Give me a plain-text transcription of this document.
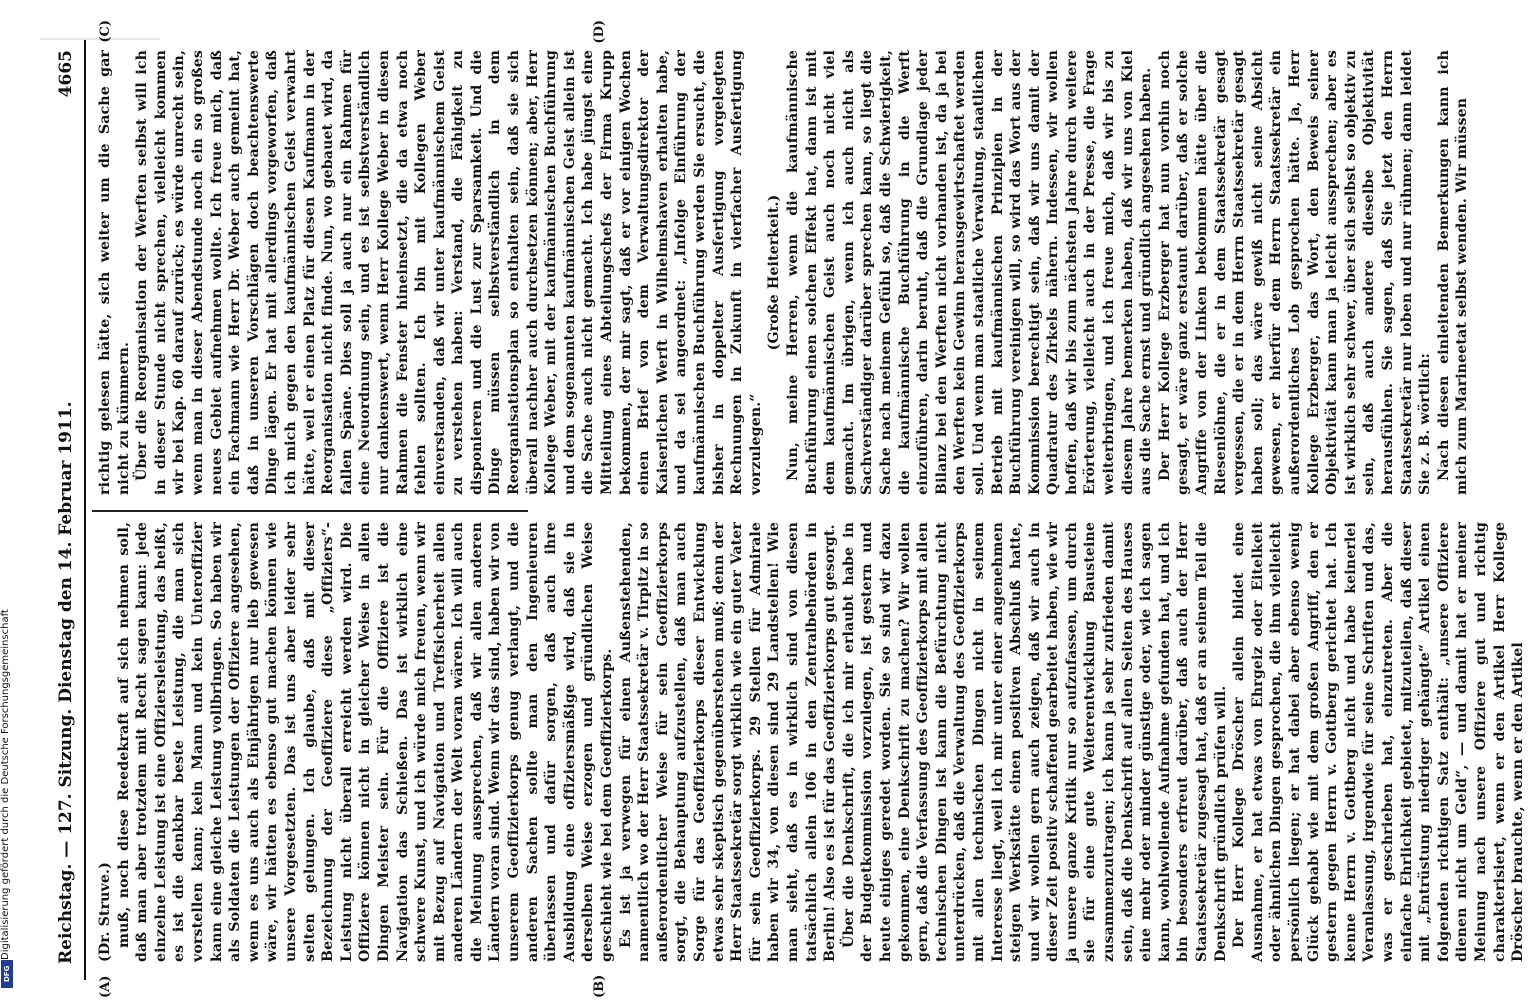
Digitalisierung gefördert durch die Deutsche Forschungsgemeinschaft
DFG
Reichstag. — 127. Sitzung. Dienstag den 14. Februar 1911.
4665
(A)	(B)
(C)	(D)

(Dr. Struve.) muß, noch diese Reedekraft auf sich nehmen soll, daß man aber trotzdem mit Recht sagen kann: jede einzelne Leistung ist eine Offiziersleistung, das heißt, es ist die denkbar beste Leistung, die man sich vorstellen kann; kein Mann und kein Unteroffizier kann eine gleiche Leistung vollbringen. So haben wir als Soldaten die Leistungen der Offiziere angesehen, wenn es uns auch als Einjährigen nur lieb gewesen wäre, wir hätten es ebenso gut machen können wie unsere Vorgesetzten. Das ist uns aber leider sehr selten gelungen. Ich glaube, daß mit dieser Bezeichnung der Geoffiziere diese „Offiziers“-Leistung nicht überall erreicht werden wird. Die Offiziere können nicht in gleicher Weise in allen Dingen Meister sein. Für die Offiziere ist die Navigation das Schießen. Das ist wirklich eine schwere Kunst, und ich würde mich freuen, wenn wir mit Bezug auf Navigation und Treffsicherheit allen anderen Ländern der Welt voran wären. Ich will auch die Meinung aussprechen, daß wir allen anderen Ländern voran sind. Wenn wir das sind, haben wir von unserem Geoffizierkorps genug verlangt, und die anderen Sachen sollte man den Ingenieuren überlassen und dafür sorgen, daß auch ihre Ausbildung eine offiziersmäßige wird, daß sie in derselben Weise erzogen und gründlichen Weise geschieht wie bei dem Geoffizierkorps. Es ist ja verwegen für einen Außenstehenden, namentlich wo der Herr Staatssekretär v. Tirpitz in so außerordentlicher Weise für sein Geoffizierkorps sorgt, die Behauptung aufzustellen, daß man auch Sorge für das Geoffizierkorps dieser Entwicklung etwas sehr skeptisch gegenüberstehen muß; denn der Herr Staatssekretär sorgt wirklich wie ein guter Vater für sein Geoffizierkorps. 29 Stellen für Admirale haben wir 34, von diesen sind 29 Landstellen! Wie man sieht, daß es in wirklich sind von diesen tatsächlich allein 106 in den Zentralbehörden in Berlin! Also es ist für das Geoffizierkorps gut gesorgt. Über die Denkschrift, die ich mir erlaubt habe in der Budgetkommission vorzulegen, ist gestern und heute einiges geredet worden. Sie so sind wir dazu gekommen, eine Denkschrift zu machen? Wir wollen gern, daß die Verfassung des Geoffizierkorps mit allen technischen Dingen ist kann die Befürchtung nicht unterdrücken, daß die Verwaltung des Geoffizierkorps mit allen technischen Dingen nicht in seinem Interesse liegt, weil ich mir unter einer angenehmen steigen Werkstätte einen positiven Abschluß hatte, und wir wollen gern auch zeigen, daß wir auch in dieser Zeit positiv schaffend gearbeitet haben, wie wir ja unsere ganze Kritik nur so aufzufassen, um durch sie für eine gute Weiterentwicklung Bausteine zusammenzutragen; ich kann ja sehr zufrieden damit sein, daß die Denkschrift auf allen Seiten des Hauses eine mehr oder minder günstige oder, wie ich sagen kann, wohlwollende Aufnahme gefunden hat, und ich bin besonders erfreut darüber, daß auch der Herr Staatssekretär zugesagt hat, daß er an seinem Teil die Denkschrift gründlich prüfen will. Der Herr Kollege Dröscher allein bildet eine Ausnahme, er hat etwas von Ehrgeiz oder Eitelkeit oder ähnlichen Dingen gesprochen, die ihm vielleicht persönlich liegen; er hat dabei aber ebenso wenig Glück gehabt wie mit dem großen Angriff, den er gestern gegen Herrn v. Gottberg gerichtet hat. Ich kenne Herrn v. Gottberg nicht und habe keinerlei Veranlassung, irgendwie für seine Schriften und das, was er geschrieben hat, einzutreten. Aber die einfache Ehrlichkeit gebietet, mitzuteilen, daß dieser mit „Entrüstung niedriger gehängte“ Artikel einen folgenden richtigen Satz enthält: „unsere Offiziere dienen nicht um Geld“, — und damit hat er meiner Meinung nach unsere Offiziere gut und richtig charakterisiert, wenn er den Artikel Herr Kollege Dröscher brauchte, wenn er den Artikel

richtig gelesen hätte, sich weiter um die Sache gar nicht zu kümmern. Über die Reorganisation der Werften selbst will ich in dieser Stunde nicht sprechen, vielleicht kommen wir bei Kap. 60 darauf zurück; es würde unrecht sein, wenn man in dieser Abendstunde noch ein so großes neues Gebiet aufnehmen wollte. Ich freue mich, daß ein Fachmann wie Herr Dr. Weber auch gemeint hat, daß in unseren Vorschlägen doch beachtenswerte Dinge lägen. Er hat mit allerdings vorgeworfen, daß ich mich gegen den kaufmännischen Geist verwahrt hätte, weil er einen Platz für diesen Kaufmann in der Reorganisation nicht finde. Nun, wo gebauet wird, da fallen Späne. Dies soll ja auch nur ein Rahmen für eine Neuordnung sein, und es ist selbstverständlich nur dankenswert, wenn Herr Kollege Weber in diesen Rahmen die Fenster hineinsetzt, die da etwa noch fehlen sollten. Ich bin mit Kollegen Weber einverstanden, daß wir unter kaufmännischem Geist zu verstehen haben: Verstand, die Fähigkeit zu disponieren und die Lust zur Sparsamkeit. Und die Dinge müssen selbstverständlich in dem Reorganisationsplan so enthalten sein, daß sie sich überall nachher auch durchsetzen können; aber, Herr Kollege Weber, mit der kaufmännischen Buchführung und dem sogenannten kaufmännischen Geist allein ist die Sache auch nicht gemacht. Ich habe jüngst eine Mitteilung eines Abteilungschefs der Firma Krupp bekommen, der mir sagt, daß er vor einigen Wochen einen Brief von dem Verwaltungsdirektor der Kaiserlichen Werft in Wilhelmshaven erhalten habe, und da sei angeordnet: „Infolge Einführung der kaufmännischen Buchführung werden Sie ersucht, die bisher in doppelter Ausfertigung vorgelegten Rechnungen in Zukunft in vierfacher Ausfertigung vorzulegen.“

(Große Heiterkeit.) Nun, meine Herren, wenn die kaufmännische Buchführung einen solchen Effekt hat, dann ist mit dem kaufmännischen Geist auch noch nicht viel gemacht. Im übrigen, wenn ich auch nicht als Sachverständiger darüber sprechen kann, so liegt die Sache nach meinem Gefühl so, daß die Schwierigkeit, die kaufmännische Buchführung in die Werft einzuführen, darin beruht, daß die Grundlage jeder Bilanz bei den Werften nicht vorhanden ist, da ja bei den Werften kein Gewinn herausgewirtschaftet werden soll. Und wenn man staatliche Verwaltung, staatlichen Betrieb mit kaufmännischen Prinzipien in der Buchführung vereinigen will, so wird das Wort aus der Kommission berechtigt sein, daß wir uns damit der Quadratur des Zirkels nähern. Indessen, wir wollen hoffen, daß wir bis zum nächsten Jahre durch weitere Erörterung, vielleicht auch in der Presse, die Frage weiterbringen, und ich freue mich, daß wir bis zu diesem Jahre bemerken haben, daß wir uns von Kiel aus die Sache ernst und gründlich angesehen haben. Der Herr Kollege Erzberger hat nun vorhin noch gesagt, er wäre ganz erstaunt darüber, daß er solche Angriffe von der Linken bekommen hätte über die Riesenlöhne, die er in dem Staatssekretär gesagt vergessen, die er in dem Herrn Staatssekretär gesagt haben soll; das wäre gewiß nicht seine Absicht gewesen, er hierfür dem Herrn Staatssekretär ein außerordentliches Lob gesprochen hätte. Ja, Herr Kollege Erzberger, das Wort, den Beweis seiner Objektivität kann man ja leicht aussprechen; aber es ist wirklich sehr schwer, über sich selbst so objektiv zu sein, daß auch andere dieselbe Objektivität herausfühlen. Sie sagen, daß Sie jetzt den Herrn Staatssekretär nur loben und nur rühmen; dann leidet Sie z. B. wörtlich: Nach diesen einleitenden Bemerkungen kann ich mich zum Marineetat selbst wenden. Wir müssen
